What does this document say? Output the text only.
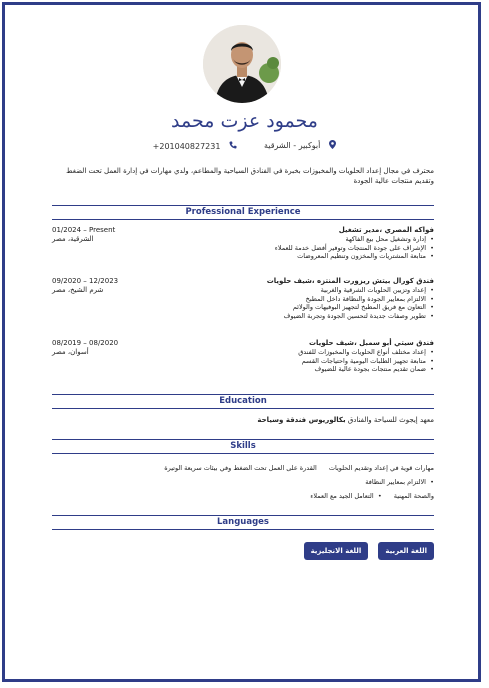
محمود عزت محمد
أبوكبير - الشرقية

+201040827231
محترف في مجال إعداد الحلويات والمخبوزات بخبرة في الفنادق السياحية والمطاعم، ولدي مهارات في إدارة العمل تحت الضغط وتقديم منتجات عالية الجودة
Professional Experience
01/2024 – Present
الشرقية، مصر
فواكه المصري ،مدير تشغيل
• إدارة وتشغيل محل بيع الفاكهة
• الإشراف على جودة المنتجات وتوفير أفضل خدمة للعملاء
• متابعة المشتريات والمخزون وتنظيم المعروضات
09/2020 – 12/2023
شرم الشيخ، مصر
فندق كورال بيتش ريزورت المنتزه ،شيف حلويات
• إعداد وتزيين الحلويات الشرقية والغربية
• الالتزام بمعايير الجودة والنظافة داخل المطبخ
• التعاون مع فريق المطبخ لتجهيز البوفيهات والولائم
• تطوير وصفات جديدة لتحسين الجودة وتجربة الضيوف
08/2019 – 08/2020
أسوان، مصر
فندق سيتي أبو سمبل ،شيف حلويات
• إعداد مختلف أنواع الحلويات والمخبوزات للفندق
• متابعة تجهيز الطلبات اليومية واحتياجات القسم
• ضمان تقديم منتجات بجودة عالية للضيوف
Education
معهد إيجوث للسياحة والفنادق بكالوريوس فندقة وسياحة
Skills
مهارات قوية في إعداد وتقديم الحلويات القدرة على العمل تحت الضغط وفي بيئات سريعة الوتيرة
• الالتزام بمعايير النظافة
والصحة المهنية • التعامل الجيد مع العملاء
Languages
اللغة العربية اللغة الانجليزية
